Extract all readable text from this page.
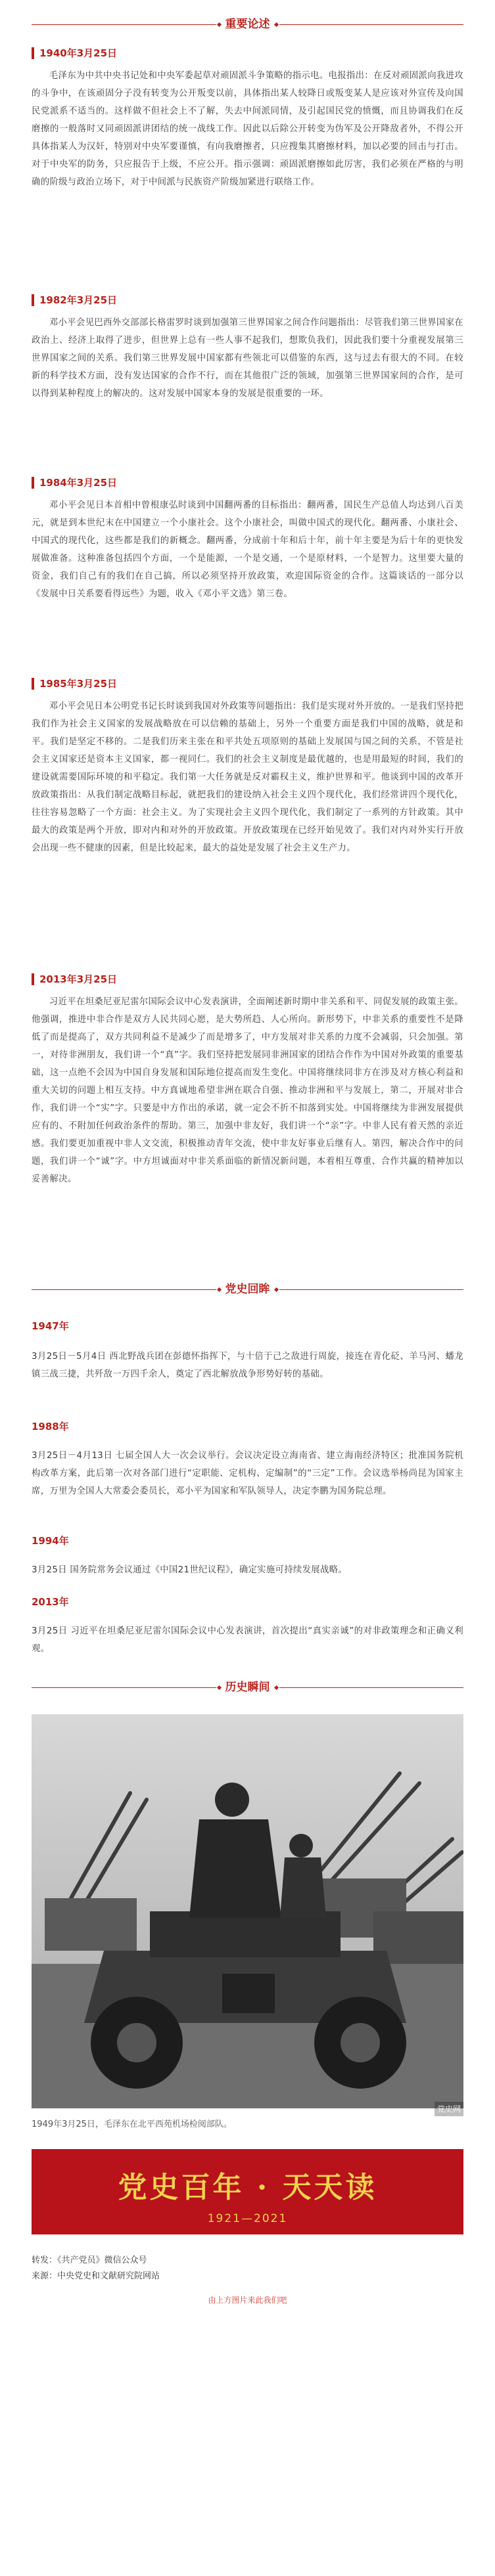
重要论述
1940年3月25日

毛泽东为中共中央书记处和中央军委起草对顽固派斗争策略的指示电。电报指出：在反对顽固派向我进攻的斗争中，在该顽固分子没有转变为公开叛变以前，具体指出某人较降日或叛变某人是应该对外宣传及向国民党派系不适当的。这样做不但社会上不了解，失去中间派同情，及引起国民党的愤慨，而且协调我们在反磨擦的一般落时又同顽固派讲团结的统一战线工作。因此以后除公开转变为伪军及公开降敌者外，不得公开具体指某人为汉奸，特别对中央军要谨慎，有向我磨擦者，只应搜集其磨擦材料，加以必要的回击与打击。对于中央军的防务，只应报告于上级，不应公开。指示强调：顽固派磨擦如此厉害，我们必须在严格的与明确的阶级与政治立场下，对于中间派与民族资产阶级加紧进行联络工作。

1982年3月25日

邓小平会见巴西外交部部长格雷罗时谈到加强第三世界国家之间合作问题指出：尽管我们第三世界国家在政治上、经济上取得了进步，但世界上总有一些人事不起我们，想欺负我们，因此我们要十分重视发展第三世界国家之间的关系。我们第三世界发展中国家都有些领北可以借鉴的东西，这与过去有很大的不同。在较新的科学技术方面，没有发达国家的合作不行，而在其他很广泛的领域，加强第三世界国家间的合作，是可以得到某种程度上的解决的。这对发展中国家本身的发展是很重要的一环。

1984年3月25日

邓小平会见日本首相中曾根康弘时谈到中国翻两番的目标指出：翻两番，国民生产总值人均达到八百美元，就是到本世纪末在中国建立一个小康社会。这个小康社会，叫做中国式的现代化。翻两番、小康社会、中国式的现代化，这些都是我们的新概念。翻两番，分成前十年和后十年，前十年主要是为后十年的更快发展做准备。这种准备包括四个方面，一个是能源，一个是交通，一个是原材料，一个是智力。这里要大量的资金，我们自己有的我们在自己搞，所以必须坚持开放政策，欢迎国际资金的合作。这篇谈话的一部分以《发展中日关系要看得远些》为题，收入《邓小平文选》第三卷。

1985年3月25日

邓小平会见日本公明党书记长时谈到我国对外政策等问题指出：我们是实现对外开放的。一是我们坚持把我们作为社会主义国家的发展战略放在可以信赖的基础上，另外一个重要方面是我们中国的战略，就是和平。我们是坚定不移的。二是我们历来主张在和平共处五项原则的基础上发展国与国之间的关系，不管是社会主义国家还是资本主义国家，都一视同仁。我们的社会主义制度是最优越的，也是用最短的时间，我们的建设就需要国际环境的和平稳定。我们第一大任务就是反对霸权主义，维护世界和平。他谈到中国的改革开放政策指出：从我们制定战略目标起，就把我们的建设纳入社会主义四个现代化，我们经常讲四个现代化，往往容易忽略了一个方面：社会主义。为了实现社会主义四个现代化，我们制定了一系列的方针政策。其中最大的政策是两个开放，即对内和对外的开放政策。开放政策现在已经开始见效了。我们对内对外实行开放会出现一些不健康的因素，但是比较起来，最大的益处是发展了社会主义生产力。

2013年3月25日

习近平在坦桑尼亚尼雷尔国际会议中心发表演讲，全面阐述新时期中非关系和平、同促发展的政策主张。他强调，推进中非合作是双方人民共同心愿，是大势所趋、人心所向。新形势下，中非关系的重要性不是降低了而是提高了，双方共同利益不是减少了而是增多了，中方发展对非关系的力度不会减弱，只会加强。第一，对待非洲朋友，我们讲一个“真”字。我们坚持把发展同非洲国家的团结合作作为中国对外政策的重要基础，这一点绝不会因为中国自身发展和国际地位提高而发生变化。中国将继续同非方在涉及对方核心利益和重大关切的问题上相互支持。中方真诚地希望非洲在联合自强、推动非洲和平与发展上，第二，开展对非合作，我们讲一个“实”字。只要是中方作出的承诺，就一定会不折不扣落到实处。中国将继续为非洲发展提供应有的、不附加任何政治条件的帮助。第三，加强中非友好，我们讲一个“亲”字。中非人民有着天然的亲近感。我们要更加重视中非人文交流，积极推动青年交流，使中非友好事业后继有人。第四，解决合作中的问题，我们讲一个“诚”字。中方坦诚面对中非关系面临的新情况新问题，本着相互尊重、合作共赢的精神加以妥善解决。

党史回眸
1947年

3月25日－5月4日 西北野战兵团在彭德怀指挥下，与十倍于己之敌进行周旋，接连在青化砭、羊马河、蟠龙镇三战三捷，共歼敌一万四千余人，奠定了西北解放战争形势好转的基础。

1988年

3月25日－4月13日 七届全国人大一次会议举行。会议决定设立海南省、建立海南经济特区；批准国务院机构改革方案，此后第一次对各部门进行“定职能、定机构、定编制”的“三定”工作。会议选举杨尚昆为国家主席，万里为全国人大常委会委员长，邓小平为国家和军队领导人，决定李鹏为国务院总理。

1994年

3月25日 国务院常务会议通过《中国21世纪议程》，确定实施可持续发展战略。

2013年

3月25日 习近平在坦桑尼亚尼雷尔国际会议中心发表演讲，首次提出“真实亲诚”的对非政策理念和正确义利观。

历史瞬间
1949年3月25日，毛泽东在北平西苑机场检阅部队。
党史网
党史百年 · 天天读
1921—2021
转发：《共产党员》微信公众号
来源：中央党史和文献研究院网站
由上方图片来此我们吧
